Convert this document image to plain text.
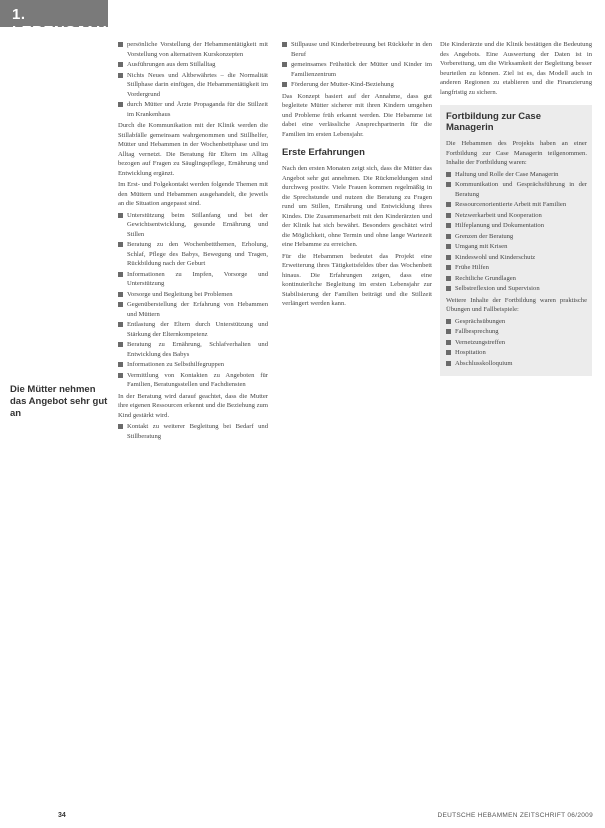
1. LEBENSJAHR
Die Mütter nehmen das Angebot sehr gut an
persönliche Vorstellung der Hebammentätigkeit mit Vorstellung von alternativen Kurskonzepten
Ausführungen aus dem Stillalltag
Nichts Neues und Altbewährtes – die Normalität Stillphase darin einfügen, die Hebammentätigkeit im Vordergrund
durch Mütter und Ärzte Propaganda für die Stillzeit im Krankenhaus

Durch die Kommunikation mit der Klinik werden die Stillabfälle gemeinsam wahrgenommen und Stillhelfer, Mütter und Hebammen in der Wochenbettphase und im Alltag vernetzt. Die Beratung für Eltern im Alltag bezogen auf Fragen zu Säuglingspflege, Ernährung und Entwicklung ergänzt.

Im Erst- und Folgekontakt werden folgende Themen mit den Müttern und Hebammen ausgehandelt, die jeweils an die Situation angepasst sind.

Unterstützung beim Stillanfang und bei der Gewichtsentwicklung, gesunde Ernährung und Stillen
Beratung zu den Wochenbettthemen, Erholung, Schlaf, Pflege des Babys, Bewegung und Tragen, Rückbildung nach der Geburt
Informationen zu Impfen, Vorsorge und Unterstützung
Vorsorge und Begleitung bei Problemen
Gegenüberstellung der Erfahrung von Hebammen und Müttern
Entlastung der Eltern durch Unterstützung und Stärkung der Elternkompetenz
Beratung zu Ernährung, Schlafverhalten und Entwicklung des Babys
Informationen zu Selbsthilfegruppen
Vermittlung von Kontakten zu Angeboten für Familien, Beratungsstellen und Fachdiensten

In der Beratung wird darauf geachtet, dass die Mutter ihre eigenen Ressourcen erkennt und die Beziehung zum Kind gestärkt wird.

Kontakt zu weiterer Begleitung bei Bedarf und Stillberatung
Stillpause und Kinderbetreuung bei Rückkehr in den Beruf
gemeinsames Frühstück der Mütter und Kinder im Familienzentrum
Förderung der Mutter-Kind-Beziehung

Das Konzept basiert auf der Annahme, dass gut begleitete Mütter sicherer mit ihren Kindern umgehen und Probleme früh erkannt werden. Die Hebamme ist dabei eine verlässliche Ansprechpartnerin für die Familien im ersten Lebensjahr.

Erste Erfahrungen

Nach den ersten Monaten zeigt sich, dass die Mütter das Angebot sehr gut annehmen. Die Rückmeldungen sind durchweg positiv. Viele Frauen kommen regelmäßig in die Sprechstunde und nutzen die Beratung zu Fragen rund um Stillen, Ernährung und Entwicklung ihres Kindes. Die Zusammenarbeit mit den Kinderärzten und der Klinik hat sich bewährt. Besonders geschätzt wird die Möglichkeit, ohne Termin und ohne lange Wartezeit eine Hebamme zu erreichen.

Für die Hebammen bedeutet das Projekt eine Erweiterung ihres Tätigkeitsfeldes über das Wochenbett hinaus. Die Erfahrungen zeigen, dass eine kontinuierliche Begleitung im ersten Lebensjahr zur Stabilisierung der Familien beiträgt und die Stillzeit verlängert werden kann.

Die Kinderärzte und die Klinik bestätigen die Bedeutung des Angebots. Eine Auswertung der Daten ist in Vorbereitung, um die Wirksamkeit der Begleitung besser beurteilen zu können. Ziel ist es, das Modell auch in anderen Regionen zu etablieren und die Finanzierung langfristig zu sichern.

Fortbildung zur Case Managerin

Die Hebammen des Projekts haben an einer Fortbildung zur Case Managerin teilgenommen. Inhalte der Fortbildung waren:

Haltung und Rolle der Case Managerin
Kommunikation und Gesprächsführung in der Beratung
Ressourcenorientierte Arbeit mit Familien
Netzwerkarbeit und Kooperation
Hilfeplanung und Dokumentation
Grenzen der Beratung
Umgang mit Krisen
Kindeswohl und Kinderschutz
Frühe Hilfen
Rechtliche Grundlagen
Selbstreflexion und Supervision

Weitere Inhalte der Fortbildung waren praktische Übungen und Fallbeispiele:

Gesprächsübungen
Fallbesprechung
Vernetzungstreffen
Hospitation
Abschlusskolloquium
34	DEUTSCHE HEBAMMEN ZEITSCHRIFT 06/2009
